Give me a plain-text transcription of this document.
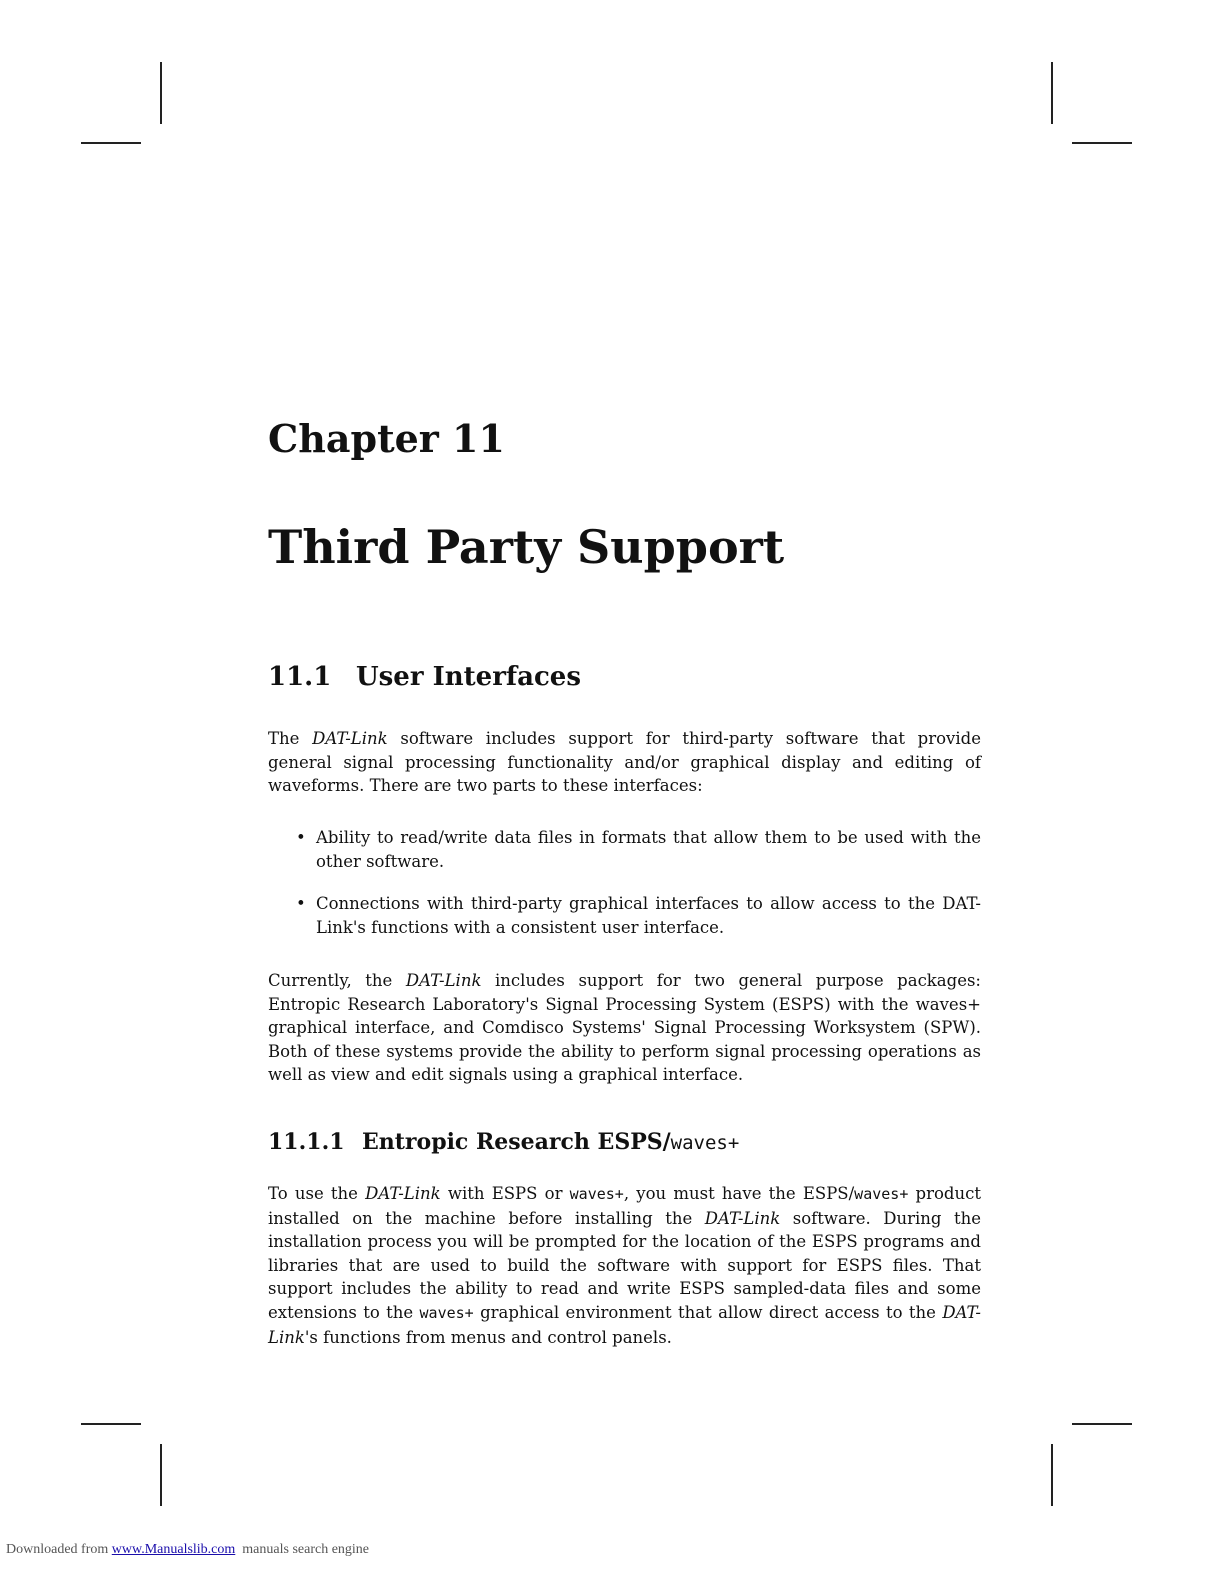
Chapter 11
Third Party Support
11.1 User Interfaces

The DAT-Link software includes support for third-party software that provide general signal processing functionality and/or graphical display and editing of waveforms. There are two parts to these interfaces:

• Ability to read/write data files in formats that allow them to be used with the other software.
• Connections with third-party graphical interfaces to allow access to the DAT-Link's functions with a consistent user interface.

Currently, the DAT-Link includes support for two general purpose packages: Entropic Research Laboratory's Signal Processing System (ESPS) with the waves+ graphical interface, and Comdisco Systems' Signal Processing Worksystem (SPW). Both of these systems provide the ability to perform signal processing operations as well as view and edit signals using a graphical interface.

11.1.1 Entropic Research ESPS/waves+

To use the DAT-Link with ESPS or waves+, you must have the ESPS/waves+ product installed on the machine before installing the DAT-Link software. During the installation process you will be prompted for the location of the ESPS programs and libraries that are used to build the software with support for ESPS files. That support includes the ability to read and write ESPS sampled-data files and some extensions to the waves+ graphical environment that allow direct access to the DAT-Link's functions from menus and control panels.

Downloaded from www.Manualslib.com  manuals search engine
